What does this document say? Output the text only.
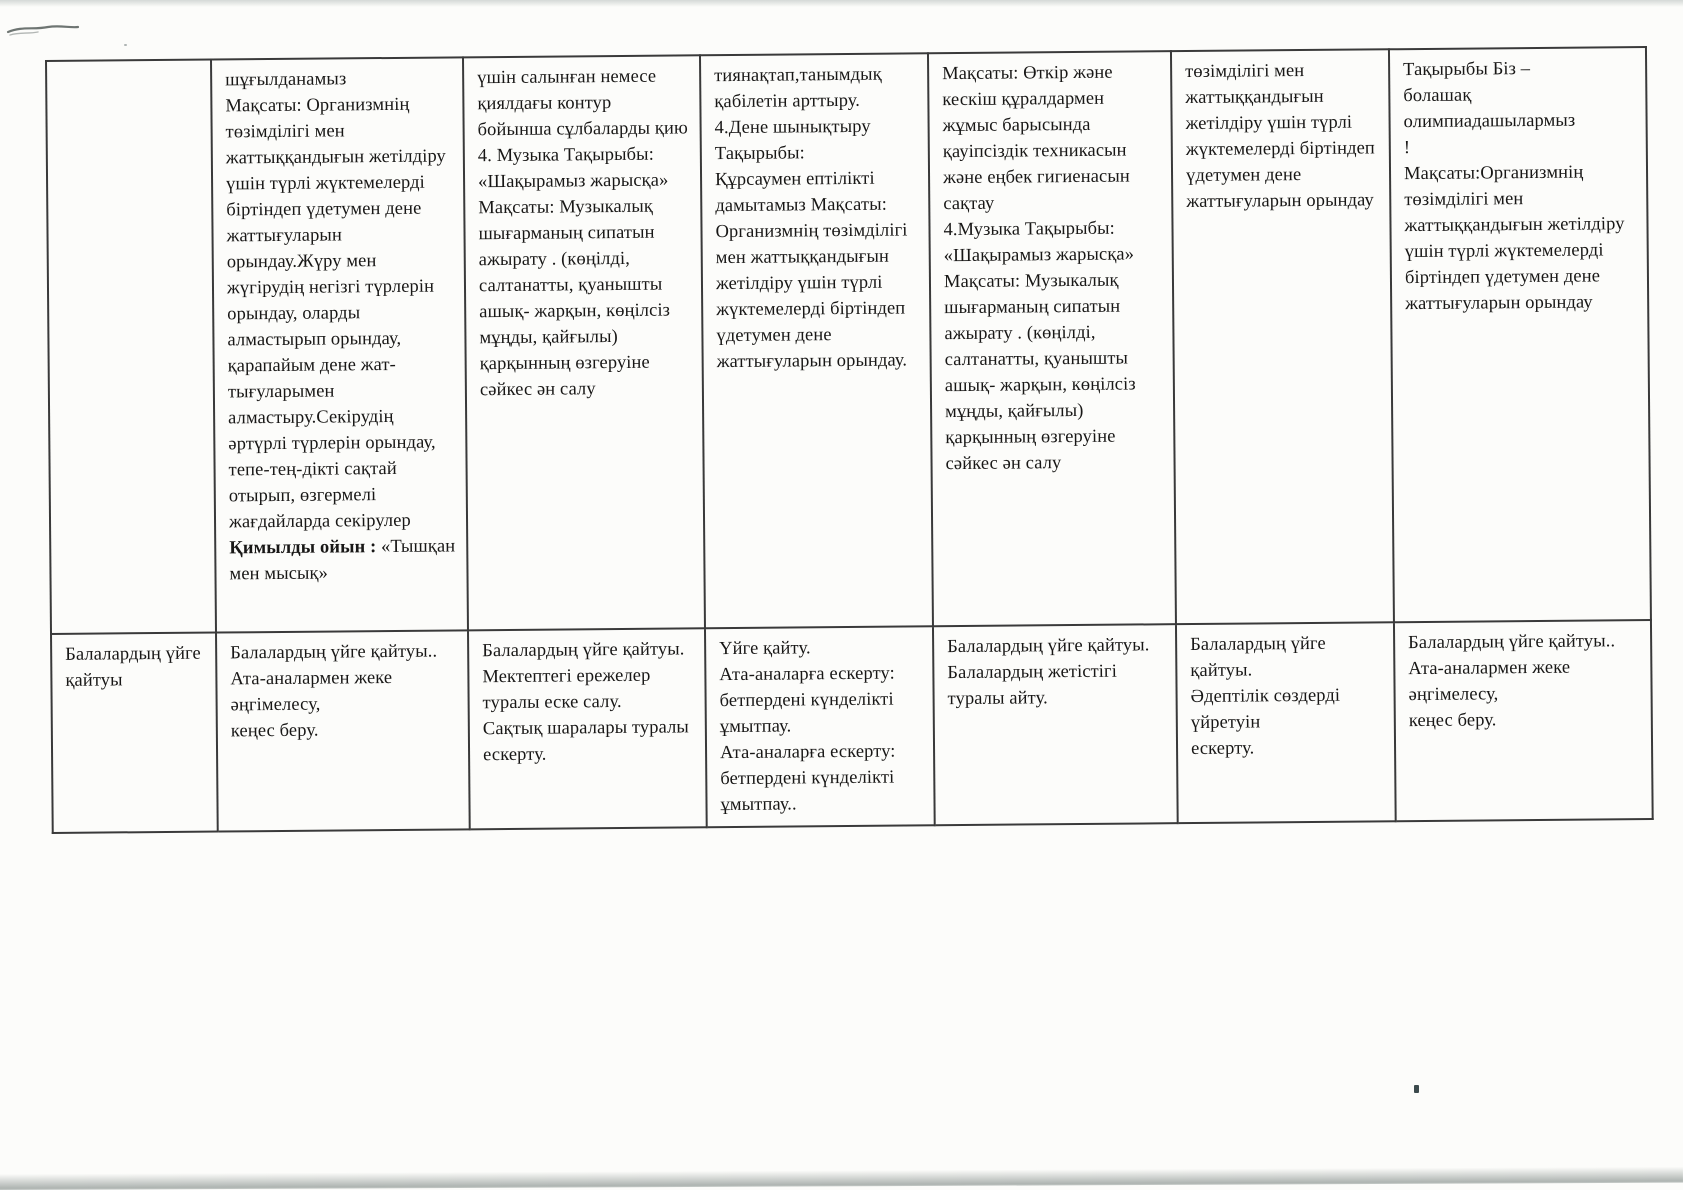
	шұғылданамыз
Мақсаты: Организмнің төзімділігі мен жаттыққандығын жетілдіру үшін түрлі жүктемелерді біртіндеп үдетумен дене жаттығуларын орындау.Жүру мен жүгірудің негізгі түрлерін орындау, оларды алмастырып орындау, қарапайым дене жат-тығуларымен алмастыру.Секірудің әртүрлі түрлерін орындау, тепе-тең-дікті сақтай отырып, өзгермелі жағдайларда секірулер Қимылды ойын : «Тышқан мен мысық»	үшін салынған немесе қиялдағы контур бойынша сұлбаларды қию
4. Музыка Тақырыбы: «Шақырамыз жарысқа» Мақсаты: Музыкалық шығарманың сипатын ажырату . (көңілді, салтанатты, қуанышты ашық- жарқын, көңілсіз мұңды, қайғылы)
қарқынның өзгеруіне сәйкес ән салу	тиянақтап,танымдық қабілетін арттыру.
4.Дене шынықтыру Тақырыбы:
Құрсаумен ептілікті дамытамыз Мақсаты: Организмнің төзімділігі мен жаттыққандығын жетілдіру үшін түрлі жүктемелерді біртіндеп үдетумен дене жаттығуларын орындау.	Мақсаты: Өткір және кескіш құралдармен жұмыс барысында қауіпсіздік техникасын және еңбек гигиенасын сақтау
4.Музыка Тақырыбы: «Шақырамыз жарысқа» Мақсаты: Музыкалық шығарманың сипатын ажырату . (көңілді, салтанатты, қуанышты ашық- жарқын, көңілсіз мұңды, қайғылы)
қарқынның өзгеруіне сәйкес ән салу	төзімділігі мен жаттыққандығын жетілдіру үшін түрлі жүктемелерді біртіндеп үдетумен дене жаттығуларын орындау	Тақырыбы Біз –
болашақ
олимпиадашылармыз
!
Мақсаты:Организмнің төзімділігі мен жаттыққандығын жетілдіру үшін түрлі жүктемелерді біртіндеп үдетумен дене жаттығуларын орындау
Балалардың үйге қайтуы	Балалардың үйге қайтуы..
Ата-аналармен жеке әңгімелесу,
кеңес беру.	Балалардың үйге қайтуы.
Мектептегі ережелер туралы еске салу.
Сақтық шаралары туралы ескерту.	Үйге қайту.
Ата-аналарға ескерту: бетпердені күнделікті ұмытпау.
Ата-аналарға ескерту: бетпердені күнделікті ұмытпау..	Балалардың үйге қайтуы.
Балалардың жетістігі туралы айту.	Балалардың үйге қайтуы.
Әдептілік сөздерді үйретуін
ескерту.	Балалардың үйге қайтуы..
Ата-аналармен жеке әңгімелесу,
кеңес беру.
